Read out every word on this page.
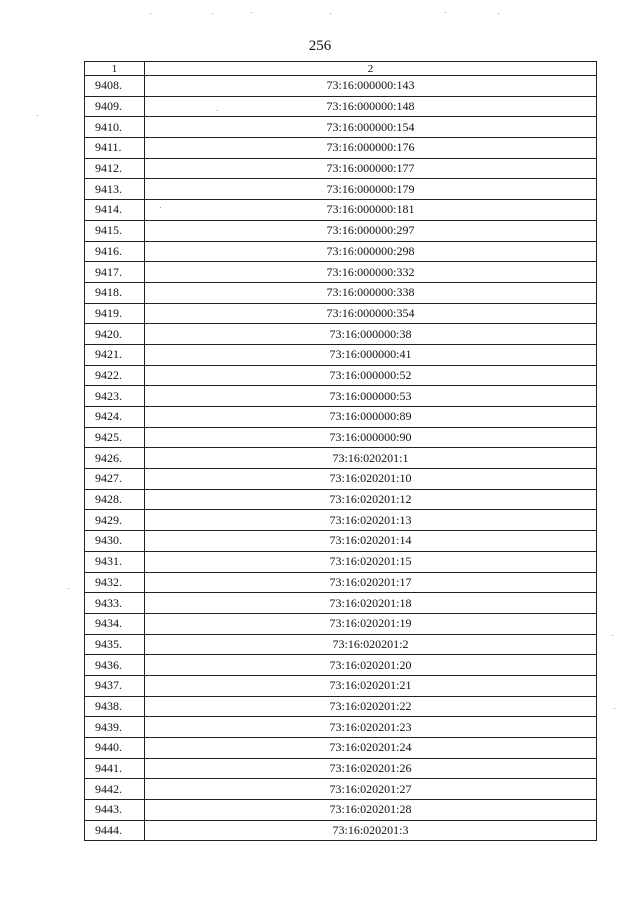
256
1	2
9408.	73:16:000000:143
9409.	73:16:000000:148
9410.	73:16:000000:154
9411.	73:16:000000:176
9412.	73:16:000000:177
9413.	73:16:000000:179
9414.	73:16:000000:181
9415.	73:16:000000:297
9416.	73:16:000000:298
9417.	73:16:000000:332
9418.	73:16:000000:338
9419.	73:16:000000:354
9420.	73:16:000000:38
9421.	73:16:000000:41
9422.	73:16:000000:52
9423.	73:16:000000:53
9424.	73:16:000000:89
9425.	73:16:000000:90
9426.	73:16:020201:1
9427.	73:16:020201:10
9428.	73:16:020201:12
9429.	73:16:020201:13
9430.	73:16:020201:14
9431.	73:16:020201:15
9432.	73:16:020201:17
9433.	73:16:020201:18
9434.	73:16:020201:19
9435.	73:16:020201:2
9436.	73:16:020201:20
9437.	73:16:020201:21
9438.	73:16:020201:22
9439.	73:16:020201:23
9440.	73:16:020201:24
9441.	73:16:020201:26
9442.	73:16:020201:27
9443.	73:16:020201:28
9444.	73:16:020201:3
